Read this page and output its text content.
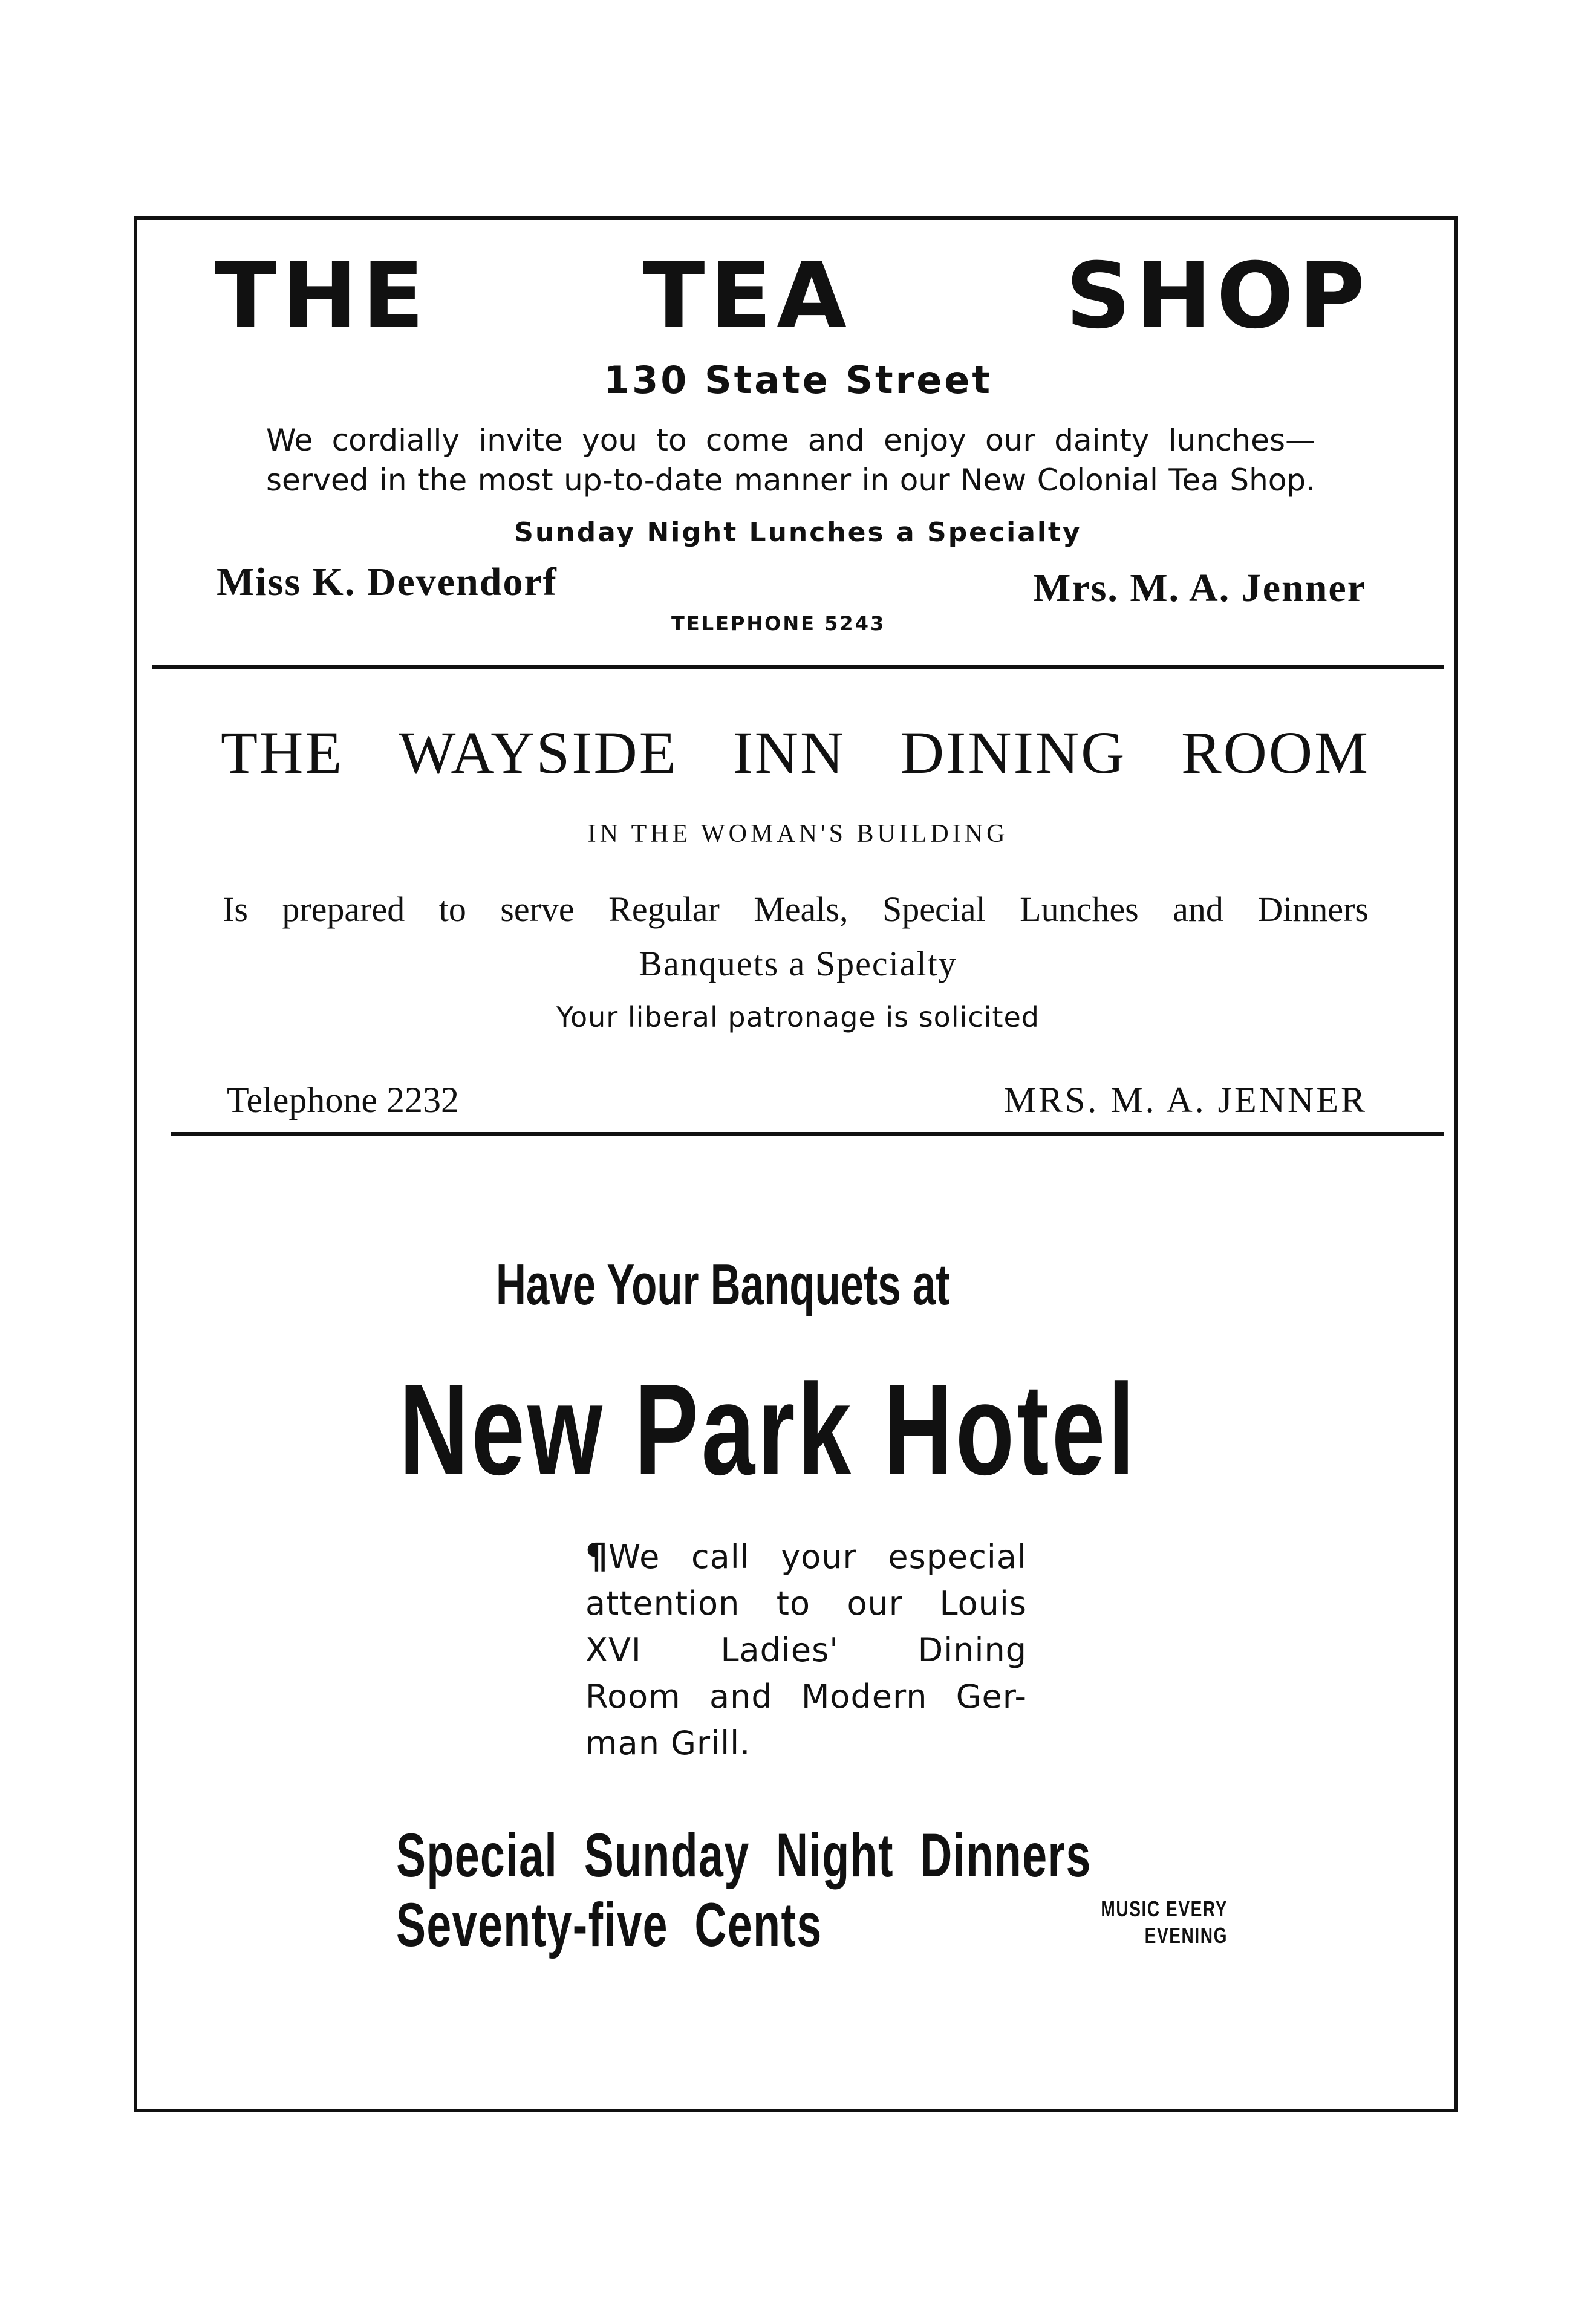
THE TEA SHOP
130 State Street
We cordially invite you to come and enjoy our dainty lunches—served in the most up-to-date manner in our New Colonial Tea Shop.
Sunday Night Lunches a Specialty
Miss K. Devendorf	Mrs. M. A. Jenner
TELEPHONE 5243
THE WAYSIDE INN DINING ROOM
IN THE WOMAN'S BUILDING
Is prepared to serve Regular Meals, Special Lunches and Dinners
Banquets a Specialty
Your liberal patronage is solicited
Telephone 2232	MRS. M. A. JENNER
Have Your Banquets at
New Park Hotel
¶We call your especial
attention to our Louis
XVI Ladies' Dining
Room and Modern Ger-
man Grill.
Special Sunday Night Dinners
Seventy-five Cents	MUSIC EVERY EVENING
